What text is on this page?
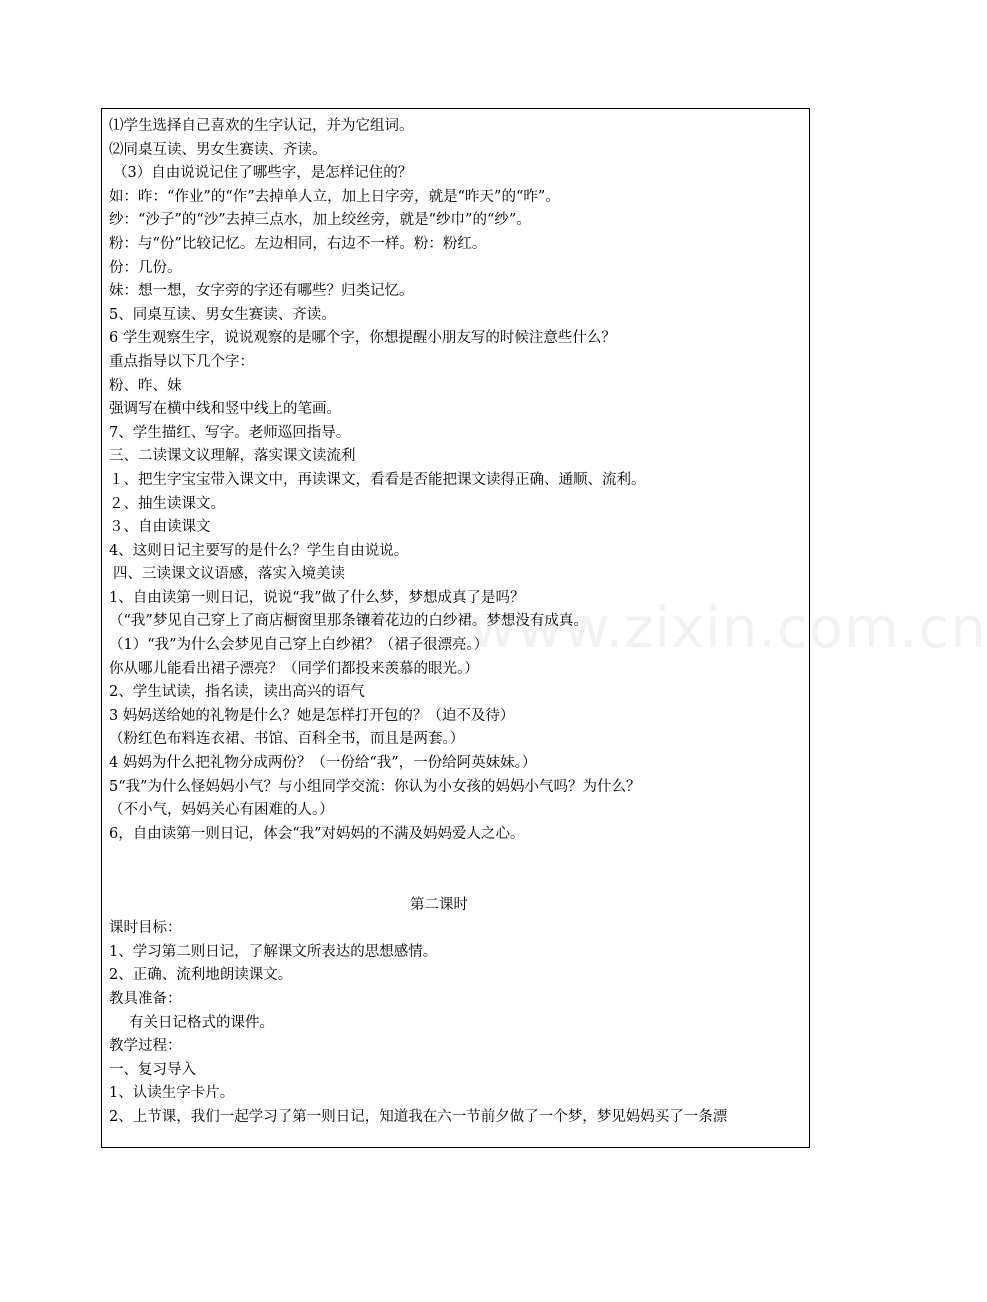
⑴学生选择自己喜欢的生字认记，并为它组词。
⑵同桌互读、男女生赛读、齐读。
（3）自由说说记住了哪些字，是怎样记住的？
如：昨：“作业”的“作”去掉单人立，加上日字旁，就是“昨天”的“昨”。
纱：“沙子”的“沙”去掉三点水，加上绞丝旁，就是“纱巾”的“纱”。
粉：与“份”比较记忆。左边相同，右边不一样。粉：粉红。
份：几份。
妹：想一想，女字旁的字还有哪些？归类记忆。
5、同桌互读、男女生赛读、齐读。
6 学生观察生字，说说观察的是哪个字，你想提醒小朋友写的时候注意些什么？
重点指导以下几个字：
粉、昨、妹
强调写在横中线和竖中线上的笔画。
7、学生描红、写字。老师巡回指导。
三、二读课文议理解，落实课文读流利
１、把生字宝宝带入课文中，再读课文，看看是否能把课文读得正确、通顺、流利。
２、抽生读课文。
３、自由读课文
4、这则日记主要写的是什么？学生自由说说。
四、三读课文议语感，落实入境美读
1、自由读第一则日记，说说“我”做了什么梦，梦想成真了是吗？
（“我”梦见自己穿上了商店橱窗里那条镶着花边的白纱裙。梦想没有成真。
（1）“我”为什么会梦见自己穿上白纱裙？（裙子很漂亮。）
你从哪儿能看出裙子漂亮？（同学们都投来羡慕的眼光。）
2、学生试读，指名读，读出高兴的语气
3 妈妈送给她的礼物是什么？她是怎样打开包的？（迫不及待）
（粉红色布料连衣裙、书馆、百科全书，而且是两套。）
4 妈妈为什么把礼物分成两份？（一份给“我”，一份给阿英妹妹。）
5“我”为什么怪妈妈小气？与小组同学交流：你认为小女孩的妈妈小气吗？为什么？
（不小气，妈妈关心有困难的人。）
6，自由读第一则日记，体会“我”对妈妈的不满及妈妈爱人之心。
第二课时
课时目标：
1、学习第二则日记，了解课文所表达的思想感情。
2、正确、流利地朗读课文。
教具准备：
有关日记格式的课件。
教学过程：
一、复习导入
1、认读生字卡片。
2、上节课，我们一起学习了第一则日记，知道我在六一节前夕做了一个梦，梦见妈妈买了一条漂
www.zixin.com.cn
